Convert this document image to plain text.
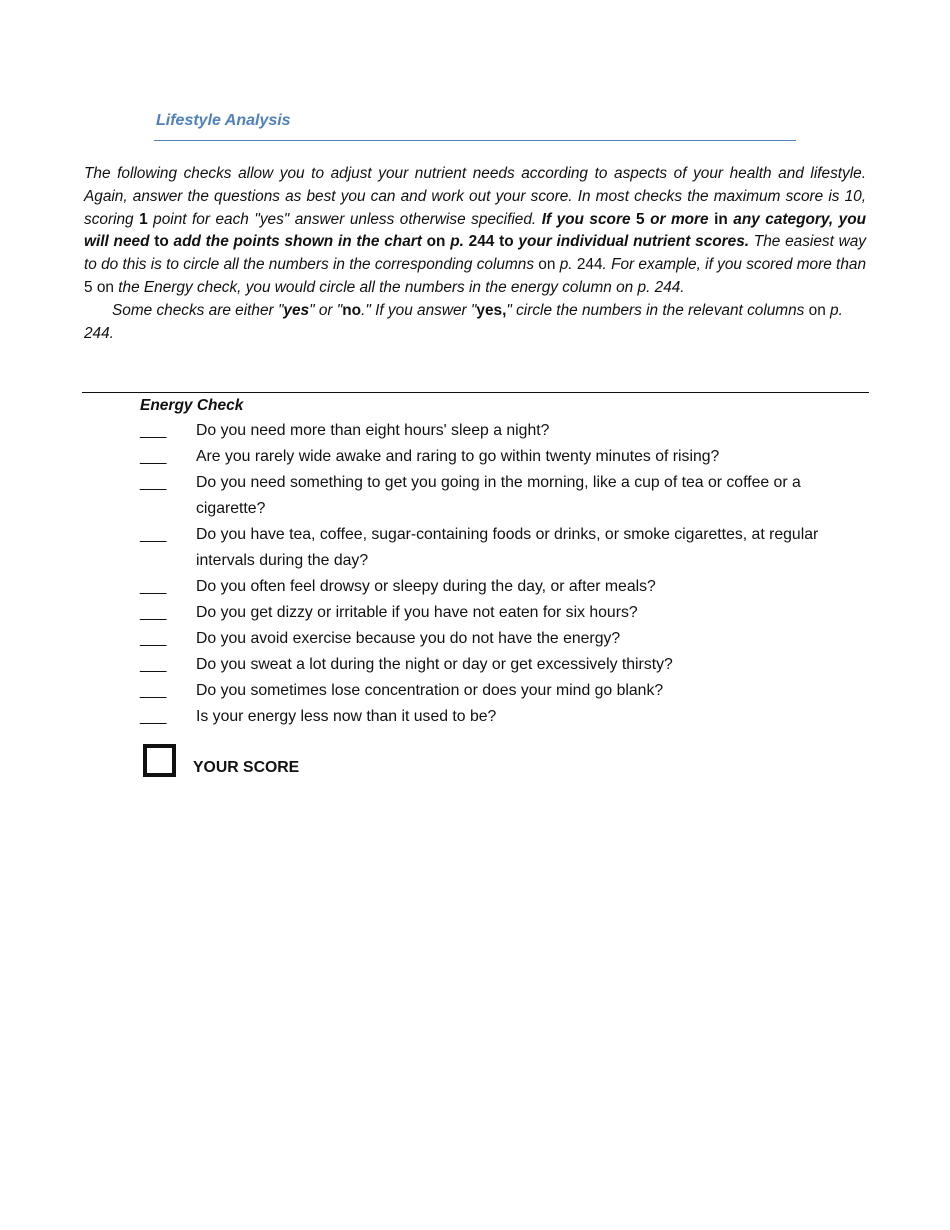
Lifestyle Analysis

The following checks allow you to adjust your nutrient needs according to aspects of your health and lifestyle. Again, answer the questions as best you can and work out your score. In most checks the maximum score is 10, scoring 1 point for each "yes" answer unless otherwise specified. If you score 5 or more in any category, you will need to add the points shown in the chart on p. 244 to your individual nutrient scores. The easiest way to do this is to circle all the numbers in the corresponding columns on p. 244. For example, if you scored more than 5 on the Energy check, you would circle all the numbers in the energy column on p. 244.

Some checks are either "yes" or "no." If you answer "yes," circle the numbers in the relevant columns on p. 244.

Energy Check
___	Do you need more than eight hours' sleep a night?
___	Are you rarely wide awake and raring to go within twenty minutes of rising?
___	Do you need something to get you going in the morning, like a cup of tea or coffee or a cigarette?
___	Do you have tea, coffee, sugar-containing foods or drinks, or smoke cigarettes, at regular intervals during the day?
___	Do you often feel drowsy or sleepy during the day, or after meals?
___	Do you get dizzy or irritable if you have not eaten for six hours?
___	Do you avoid exercise because you do not have the energy?
___	Do you sweat a lot during the night or day or get excessively thirsty?
___	Do you sometimes lose concentration or does your mind go blank?
___	Is your energy less now than it used to be?
YOUR SCORE
